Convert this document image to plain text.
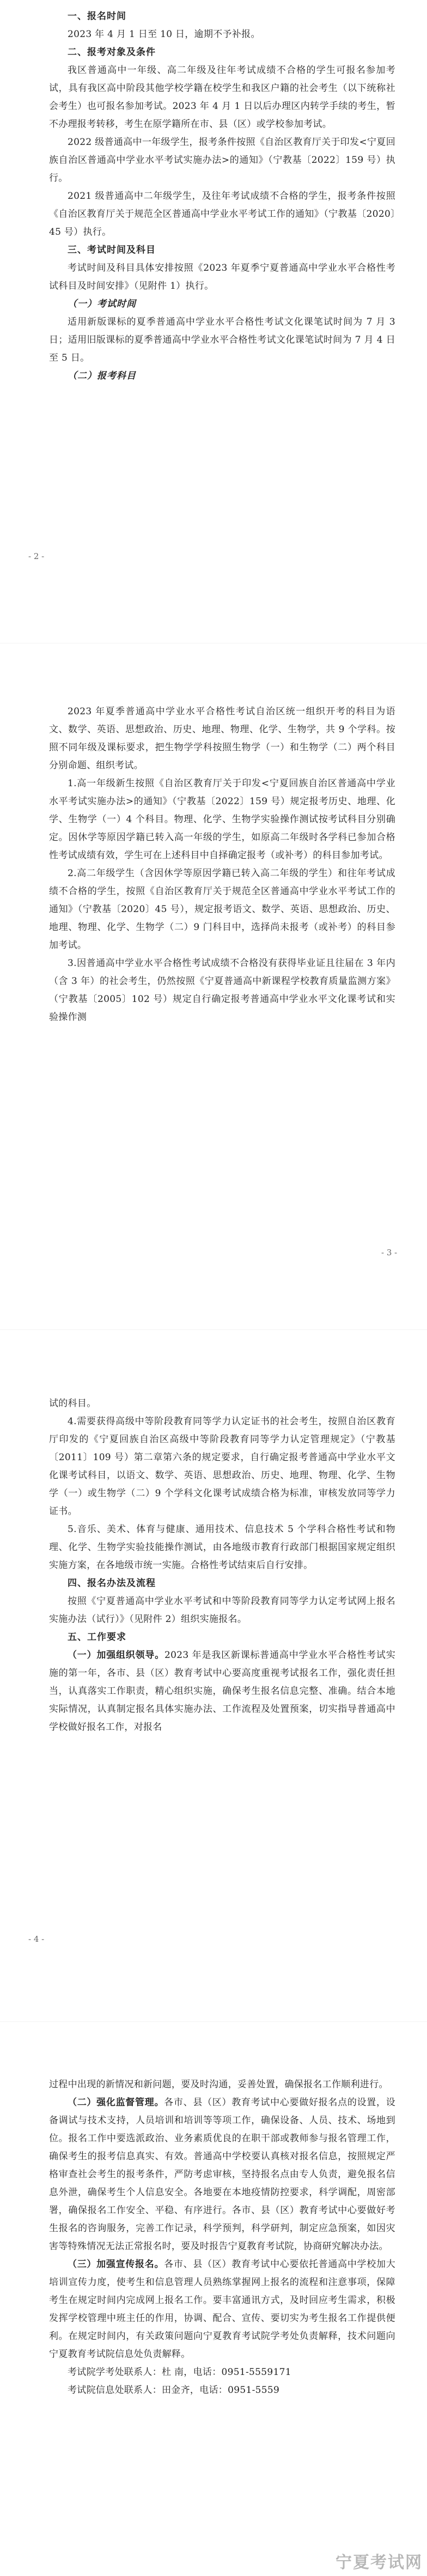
一、报名时间

2023 年 4 月 1 日至 10 日，逾期不予补报。

二、报考对象及条件

我区普通高中一年级、高二年级及往年考试成绩不合格的学生可报名参加考试，具有我区高中阶段其他学校学籍在校学生和我区户籍的社会考生（以下统称社会考生）也可报名参加考试。2023 年 4 月 1 日以后办理区内转学手续的考生，暂不办理报考转移，考生在原学籍所在市、县（区）或学校参加考试。

2022 级普通高中一年级学生，报考条件按照《自治区教育厅关于印发<宁夏回族自治区普通高中学业水平考试实施办法>的通知》（宁教基〔2022〕159 号）执行。

2021 级普通高中二年级学生，及往年考试成绩不合格的学生，报考条件按照《自治区教育厅关于规范全区普通高中学业水平考试工作的通知》（宁教基〔2020〕45 号）执行。

三、考试时间及科目

考试时间及科目具体安排按照《2023 年夏季宁夏普通高中学业水平合格性考试科目及时间安排》（见附件 1）执行。

（一）考试时间

适用新版课标的夏季普通高中学业水平合格性考试文化课笔试时间为 7 月 3 日；适用旧版课标的夏季普通高中学业水平合格性考试文化课笔试时间为 7 月 4 日至 5 日。

（二）报考科目

- 2 -

2023 年夏季普通高中学业水平合格性考试自治区统一组织开考的科目为语文、数学、英语、思想政治、历史、地理、物理、化学、生物学，共 9 个学科。按照不同年级及课标要求，把生物学学科按照生物学（一）和生物学（二）两个科目分别命题、组织考试。

1.高一年级新生按照《自治区教育厅关于印发<宁夏回族自治区普通高中学业水平考试实施办法>的通知》（宁教基〔2022〕159 号）规定报考历史、地理、化学、生物学（一）4 个科目。物理、化学、生物学实验操作测试按考试科目分别确定。因休学等原因学籍已转入高一年级的学生，如原高二年级时各学科已参加合格性考试成绩有效，学生可在上述科目中自择确定报考（或补考）的科目参加考试。

2.高二年级学生（含因休学等原因学籍已转入高二年级的学生）和往年考试成绩不合格的学生，按照《自治区教育厅关于规范全区普通高中学业水平考试工作的通知》（宁教基〔2020〕45 号），规定报考语文、数学、英语、思想政治、历史、地理、物理、化学、生物学（二）9 门科目中，选择尚未报考（或补考）的科目参加考试。

3.因普通高中学业水平合格性考试成绩不合格没有获得毕业证且往届在 3 年内（含 3 年）的社会考生，仍然按照《宁夏普通高中新课程学校教育质量监测方案》（宁教基〔2005〕102 号）规定自行确定报考普通高中学业水平文化课考试和实验操作测

- 3 -

试的科目。

4.需要获得高级中等阶段教育同等学力认定证书的社会考生，按照自治区教育厅印发的《宁夏回族自治区高级中等阶段教育同等学力认定管理规定》（宁教基〔2011〕109 号）第二章第六条的规定要求，自行确定报考普通高中学业水平文化课考试科目，以语文、数学、英语、思想政治、历史、地理、物理、化学、生物学（一）或生物学（二）9 个学科文化课考试成绩合格为标准，审核发放同等学力证书。

5.音乐、美术、体育与健康、通用技术、信息技术 5 个学科合格性考试和物理、化学、生物学实验技能操作测试，由各地级市教育行政部门根据国家规定组织实施方案，在各地级市统一实施。合格性考试结束后自行安排。

四、报名办法及流程

按照《宁夏普通高中学业水平考试和中等阶段教育同等学力认定考试网上报名实施办法（试行）》（见附件 2）组织实施报名。

五、工作要求

（一）加强组织领导。2023 年是我区新课标普通高中学业水平合格性考试实施的第一年，各市、县（区）教育考试中心要高度重视考试报名工作，强化责任担当，认真落实工作职责，精心组织实施，确保考生报名信息完整、准确。结合本地实际情况，认真制定报名具体实施办法、工作流程及处置预案，切实指导普通高中学校做好报名工作，对报名

- 4 -

过程中出现的新情况和新问题，要及时沟通，妥善处置，确保报名工作顺利进行。

（二）强化监督管理。各市、县（区）教育考试中心要做好报名点的设置，设备调试与技术支持，人员培训和培训等等项工作，确保设备、人员、技术、场地到位。报名工作中要选派政治、业务素质优良的在职干部或教师参与报名管理工作，确保考生的报考信息真实、有效。普通高中学校要认真核对报名信息，按照规定严格审查社会考生的报考条件，严防考虑审核，坚持报名点由专人负责，避免报名信息外泄，确保考生个人信息安全。各地要在本地疫情防控要求，科学调配，周密部署，确保报名工作安全、平稳、有序进行。各市、县（区）教育考试中心要做好考生报名的咨询服务，完善工作记录，科学预判，科学研判，制定应急预案，如因灾害等特殊情况无法正常报名时，要及时报告宁夏教育考试院，协商研究解决办法。

（三）加强宣传报名。各市、县（区）教育考试中心要依托普通高中学校加大培训宣传力度，使考生和信息管理人员熟练掌握网上报名的流程和注意事项，保障考生在规定时间内完成网上报名工作。要丰富通讯方式，及时回应考生需求，积极发挥学校管理中班主任的作用，协调、配合、宣传、要切实为考生报名工作提供便利。在规定时间内，有关政策问题向宁夏教育考试院学考处负责解释，技术问题向宁夏教育考试院信息处负责解释。

考试院学考处联系人：杜 南，电话：0951-5559171

考试院信息处联系人：田金齐，电话：0951-5559

宁夏考试网
